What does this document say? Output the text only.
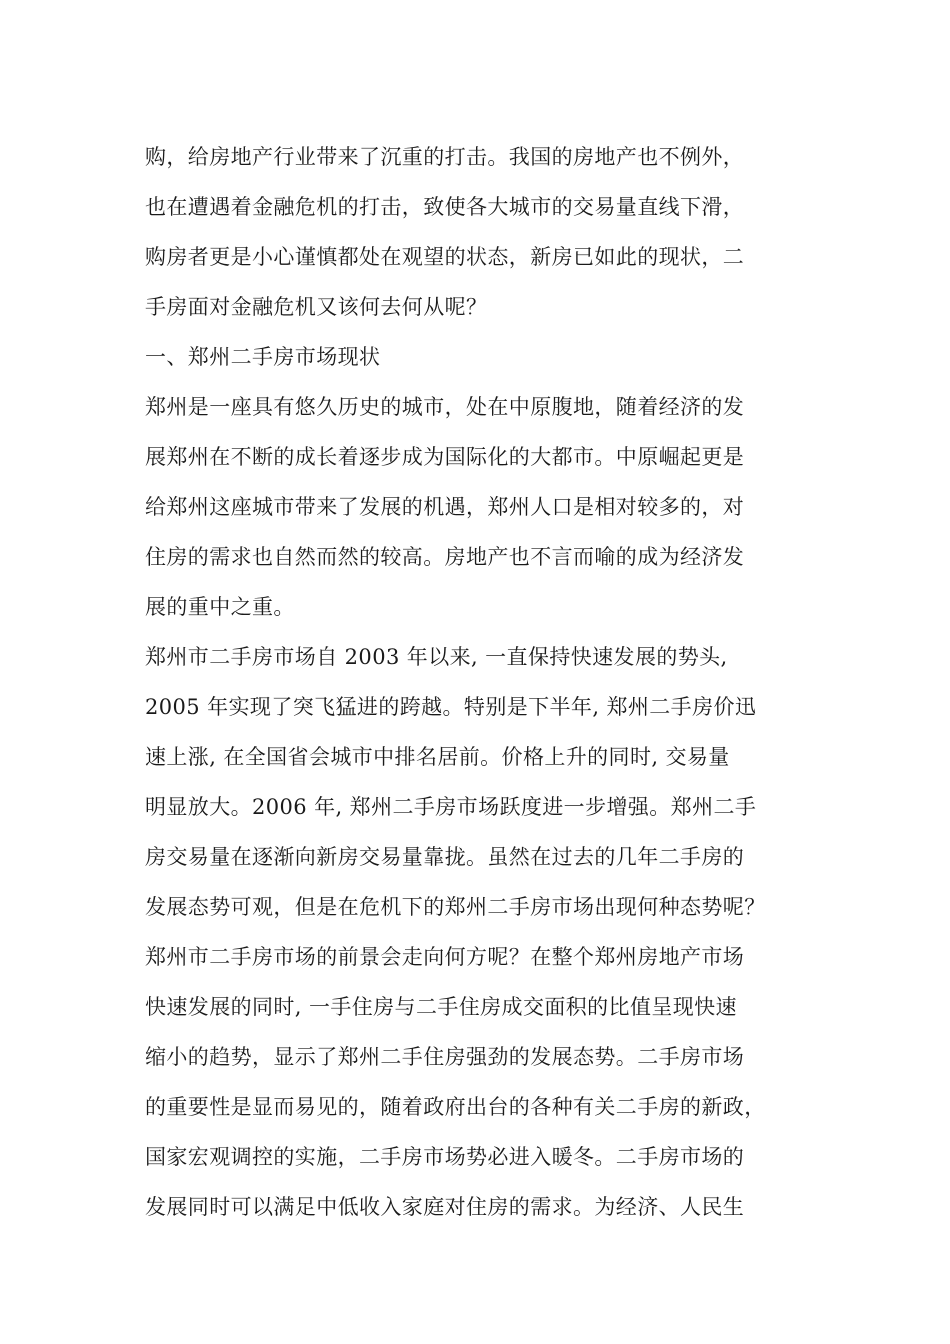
购，给房地产行业带来了沉重的打击。我国的房地产也不例外，
也在遭遇着金融危机的打击，致使各大城市的交易量直线下滑，
购房者更是小心谨慎都处在观望的状态，新房已如此的现状，二
手房面对金融危机又该何去何从呢？
一、郑州二手房市场现状
郑州是一座具有悠久历史的城市，处在中原腹地，随着经济的发
展郑州在不断的成长着逐步成为国际化的大都市。中原崛起更是
给郑州这座城市带来了发展的机遇，郑州人口是相对较多的，对
住房的需求也自然而然的较高。房地产也不言而喻的成为经济发
展的重中之重。
郑州市二手房市场自 2003 年以来, 一直保持快速发展的势头,
2005 年实现了突飞猛进的跨越。特别是下半年, 郑州二手房价迅
速上涨, 在全国省会城市中排名居前。价格上升的同时, 交易量
明显放大。2006 年, 郑州二手房市场跃度进一步增强。郑州二手
房交易量在逐渐向新房交易量靠拢。虽然在过去的几年二手房的
发展态势可观，但是在危机下的郑州二手房市场出现何种态势呢？
郑州市二手房市场的前景会走向何方呢？在整个郑州房地产市场
快速发展的同时, 一手住房与二手住房成交面积的比值呈现快速
缩小的趋势，显示了郑州二手住房强劲的发展态势。二手房市场
的重要性是显而易见的，随着政府出台的各种有关二手房的新政，
国家宏观调控的实施，二手房市场势必进入暖冬。二手房市场的
发展同时可以满足中低收入家庭对住房的需求。为经济、人民生
